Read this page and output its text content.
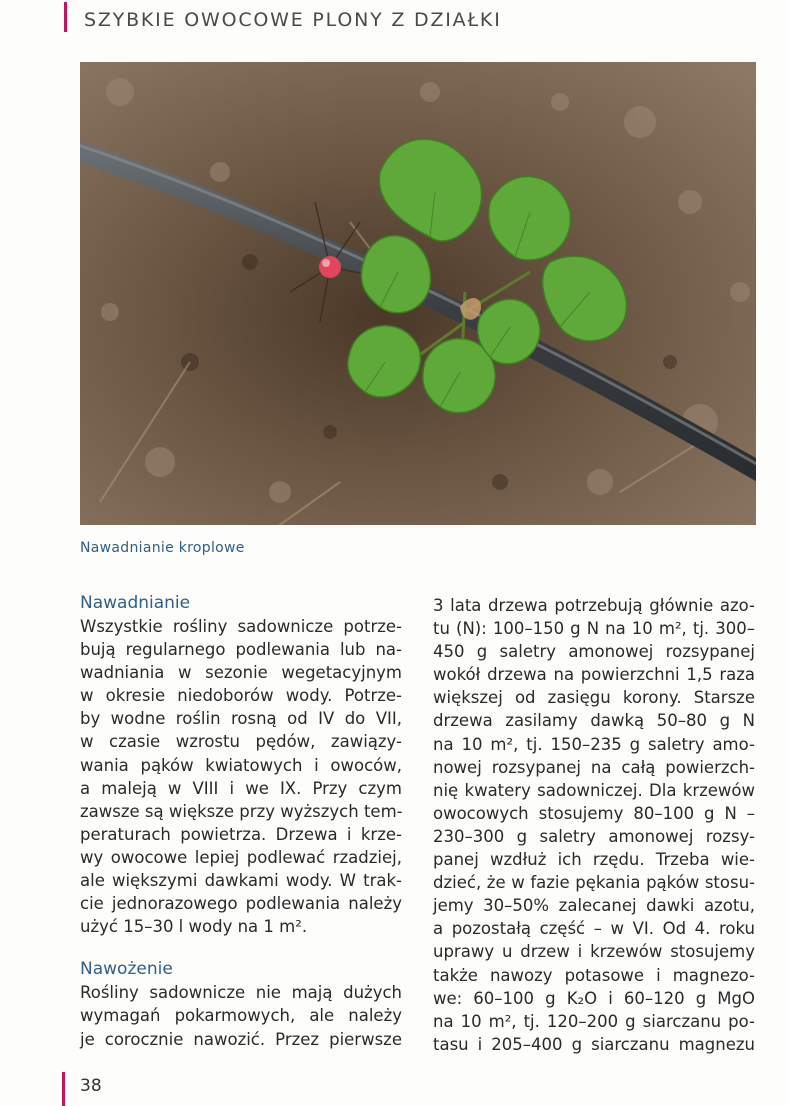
SZYBKIE OWOCOWE PLONY Z DZIAŁKI
Nawadnianie kroplowe
Nawadnianie
Wszystkie rośliny sadownicze potrze-
bują regularnego podlewania lub na-
wadniania w sezonie wegetacyjnym
w okresie niedoborów wody. Potrze-
by wodne roślin rosną od IV do VII,
w czasie wzrostu pędów, zawiązy-
wania pąków kwiatowych i owoców,
a maleją w VIII i we IX. Przy czym
zawsze są większe przy wyższych tem-
peraturach powietrza. Drzewa i krze-
wy owocowe lepiej podlewać rzadziej,
ale większymi dawkami wody. W trak-
cie jednorazowego podlewania należy
użyć 15–30 l wody na 1 m².
Nawożenie
Rośliny sadownicze nie mają dużych
wymagań pokarmowych, ale należy
je corocznie nawozić. Przez pierwsze
3 lata drzewa potrzebują głównie azo-
tu (N): 100–150 g N na 10 m², tj. 300–
450 g saletry amonowej rozsypanej
wokół drzewa na powierzchni 1,5 raza
większej od zasięgu korony. Starsze
drzewa zasilamy dawką 50–80 g N
na 10 m², tj. 150–235 g saletry amo-
nowej rozsypanej na całą powierzch-
nię kwatery sadowniczej. Dla krzewów
owocowych stosujemy 80–100 g N –
230–300 g saletry amonowej rozsy-
panej wzdłuż ich rzędu. Trzeba wie-
dzieć, że w fazie pękania pąków stosu-
jemy 30–50% zalecanej dawki azotu,
a pozostałą część – w VI. Od 4. roku
uprawy u drzew i krzewów stosujemy
także nawozy potasowe i magnezo-
we: 60–100 g K₂O i 60–120 g MgO
na 10 m², tj. 120–200 g siarczanu po-
tasu i 205–400 g siarczanu magnezu
38
